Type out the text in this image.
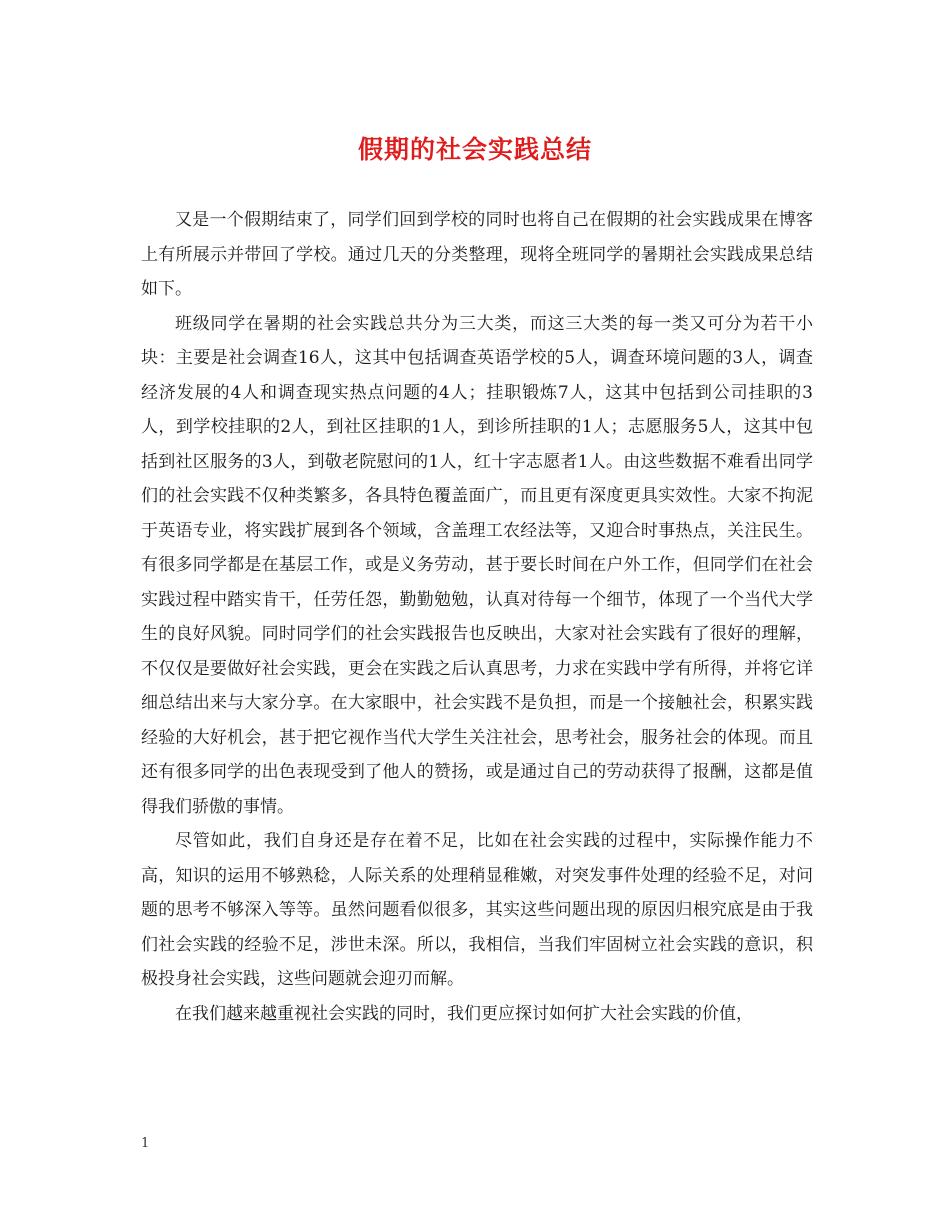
假期的社会实践总结

又是一个假期结束了，同学们回到学校的同时也将自己在假期的社会实践成果在博客上有所展示并带回了学校。通过几天的分类整理，现将全班同学的暑期社会实践成果总结如下。

班级同学在暑期的社会实践总共分为三大类，而这三大类的每一类又可分为若干小块：主要是社会调查16人，这其中包括调查英语学校的5人，调查环境问题的3人，调查经济发展的4人和调查现实热点问题的4人；挂职锻炼7人，这其中包括到公司挂职的3人，到学校挂职的2人，到社区挂职的1人，到诊所挂职的1人；志愿服务5人，这其中包括到社区服务的3人，到敬老院慰问的1人，红十字志愿者1人。由这些数据不难看出同学们的社会实践不仅种类繁多，各具特色覆盖面广，而且更有深度更具实效性。大家不拘泥于英语专业，将实践扩展到各个领域，含盖理工农经法等，又迎合时事热点，关注民生。有很多同学都是在基层工作，或是义务劳动，甚于要长时间在户外工作，但同学们在社会实践过程中踏实肯干，任劳任怨，勤勤勉勉，认真对待每一个细节，体现了一个当代大学生的良好风貌。同时同学们的社会实践报告也反映出，大家对社会实践有了很好的理解，不仅仅是要做好社会实践，更会在实践之后认真思考，力求在实践中学有所得，并将它详细总结出来与大家分享。在大家眼中，社会实践不是负担，而是一个接触社会，积累实践经验的大好机会，甚于把它视作当代大学生关注社会，思考社会，服务社会的体现。而且还有很多同学的出色表现受到了他人的赞扬，或是通过自己的劳动获得了报酬，这都是值得我们骄傲的事情。

尽管如此，我们自身还是存在着不足，比如在社会实践的过程中，实际操作能力不高，知识的运用不够熟稔，人际关系的处理稍显稚嫩，对突发事件处理的经验不足，对问题的思考不够深入等等。虽然问题看似很多，其实这些问题出现的原因归根究底是由于我们社会实践的经验不足，涉世未深。所以，我相信，当我们牢固树立社会实践的意识，积极投身社会实践，这些问题就会迎刃而解。

在我们越来越重视社会实践的同时，我们更应探讨如何扩大社会实践的价值，

1
